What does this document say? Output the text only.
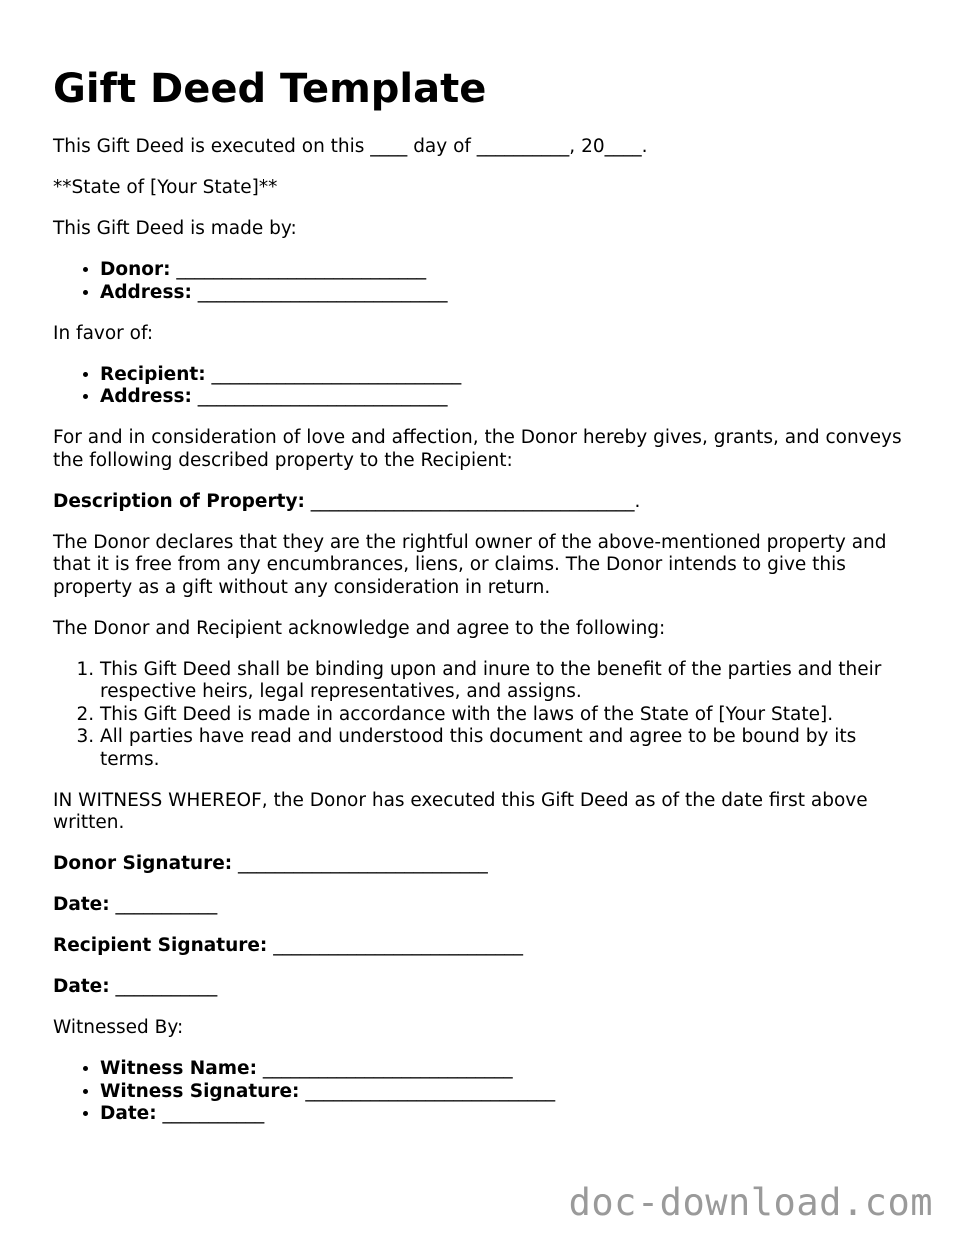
Gift Deed Template

This Gift Deed is executed on this ____ day of __________, 20____.

**State of [Your State]**

This Gift Deed is made by:

• Donor: ___________________________
• Address: ___________________________

In favor of:

• Recipient: ___________________________
• Address: ___________________________

For and in consideration of love and affection, the Donor hereby gives, grants, and conveys the following described property to the Recipient:

Description of Property: ___________________________________.

The Donor declares that they are the rightful owner of the above-mentioned property and that it is free from any encumbrances, liens, or claims. The Donor intends to give this property as a gift without any consideration in return.

The Donor and Recipient acknowledge and agree to the following:

1. This Gift Deed shall be binding upon and inure to the benefit of the parties and their respective heirs, legal representatives, and assigns.
2. This Gift Deed is made in accordance with the laws of the State of [Your State].
3. All parties have read and understood this document and agree to be bound by its terms.

IN WITNESS WHEREOF, the Donor has executed this Gift Deed as of the date first above written.

Donor Signature: ___________________________

Date: ___________

Recipient Signature: ___________________________

Date: ___________

Witnessed By:

• Witness Name: ___________________________
• Witness Signature: ___________________________
• Date: ___________
doc-download.com
